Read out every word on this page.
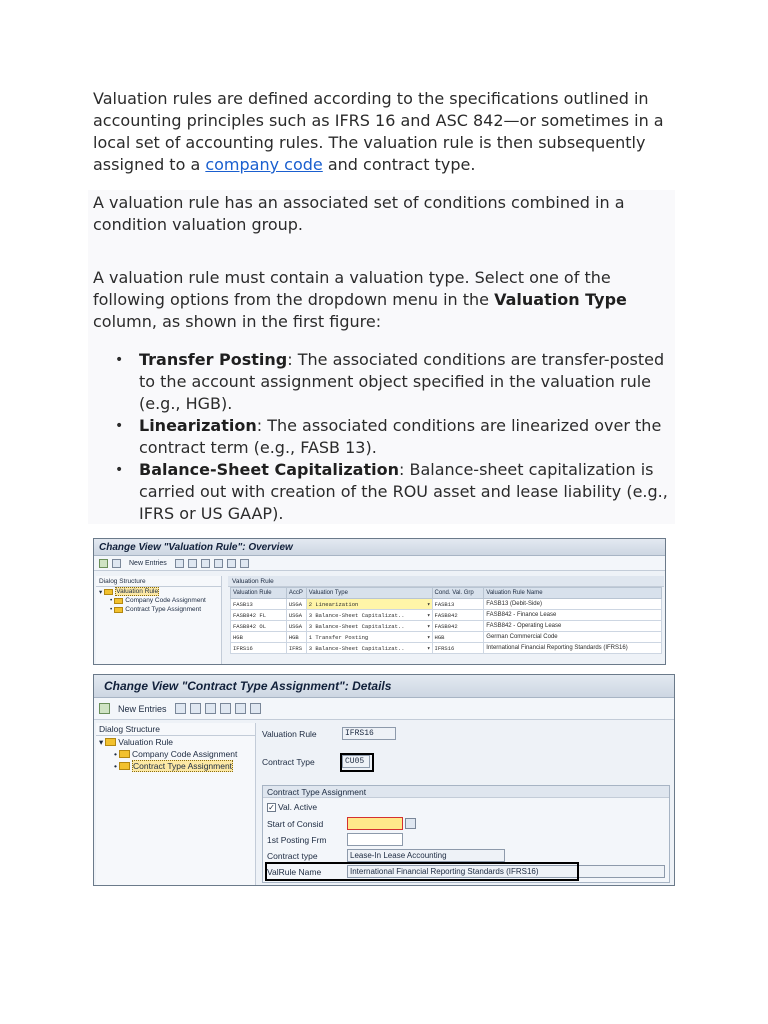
Valuation rules are defined according to the specifications outlined in accounting principles such as IFRS 16 and ASC 842—or sometimes in a local set of accounting rules. The valuation rule is then subsequently assigned to a company code and contract type.

A valuation rule has an associated set of conditions combined in a condition valuation group.

A valuation rule must contain a valuation type. Select one of the following options from the dropdown menu in the Valuation Type column, as shown in the first figure:

• Transfer Posting: The associated conditions are transfer-posted to the account assignment object specified in the valuation rule (e.g., HGB).
• Linearization: The associated conditions are linearized over the contract term (e.g., FASB 13).
• Balance-Sheet Capitalization: Balance-sheet capitalization is carried out with creation of the ROU asset and lease liability (e.g., IFRS or US GAAP).
Change View "Valuation Rule": Overview
New Entries
Dialog Structure
▾ Valuation Rule
• Company Code Assignment
• Contract Type Assignment
Valuation Rule
Valuation Rule	AccP	Valuation Type	Cond. Val. Grp	Valuation Rule Name
FASB13	USGA	2 Linearization ▾	FASB13	FASB13 (Debit-Side)
FASB842 FL	USGA	3 Balance-Sheet Capitalizat.. ▾	FASB842	FASB842 - Finance Lease
FASB842 OL	USGA	3 Balance-Sheet Capitalizat.. ▾	FASB042	FASB842 - Operating Lease
HGB	HGB	1 Transfer Posting ▾	HGB	German Commercial Code
IFRS16	IFRS	3 Balance-Sheet Capitalizat.. ▾	IFRS16	International Financial Reporting Standards (IFRS16)
Change View "Contract Type Assignment": Details
New Entries
Dialog Structure
▾ Valuation Rule
• Company Code Assignment
• Contract Type Assignment
Valuation Rule	IFRS16
Contract Type	CU05
Contract Type Assignment
✓ Val. Active
Start of Consid
1st Posting Frm
Contract type	Lease-In Lease Accounting
ValRule Name	International Financial Reporting Standards (IFRS16)
